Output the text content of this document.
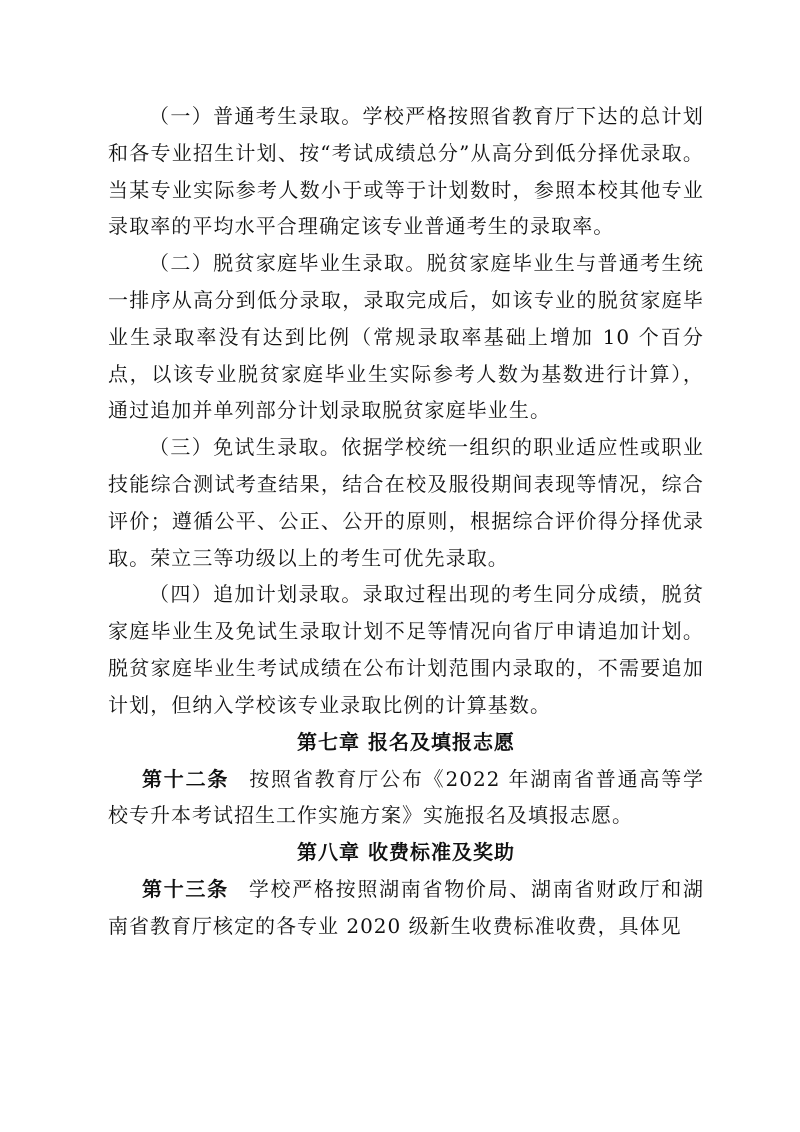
（一）普通考生录取。学校严格按照省教育厅下达的总计划和各专业招生计划、按“考试成绩总分”从高分到低分择优录取。当某专业实际参考人数小于或等于计划数时，参照本校其他专业录取率的平均水平合理确定该专业普通考生的录取率。

（二）脱贫家庭毕业生录取。脱贫家庭毕业生与普通考生统一排序从高分到低分录取，录取完成后，如该专业的脱贫家庭毕业生录取率没有达到比例（常规录取率基础上增加 10 个百分点，以该专业脱贫家庭毕业生实际参考人数为基数进行计算），通过追加并单列部分计划录取脱贫家庭毕业生。

（三）免试生录取。依据学校统一组织的职业适应性或职业技能综合测试考查结果，结合在校及服役期间表现等情况，综合评价；遵循公平、公正、公开的原则，根据综合评价得分择优录取。荣立三等功级以上的考生可优先录取。

（四）追加计划录取。录取过程出现的考生同分成绩，脱贫家庭毕业生及免试生录取计划不足等情况向省厅申请追加计划。脱贫家庭毕业生考试成绩在公布计划范围内录取的，不需要追加计划，但纳入学校该专业录取比例的计算基数。

第七章 报名及填报志愿

第十二条 按照省教育厅公布《2022 年湖南省普通高等学校专升本考试招生工作实施方案》实施报名及填报志愿。

第八章 收费标准及奖助

第十三条 学校严格按照湖南省物价局、湖南省财政厅和湖南省教育厅核定的各专业 2020 级新生收费标准收费，具体见
